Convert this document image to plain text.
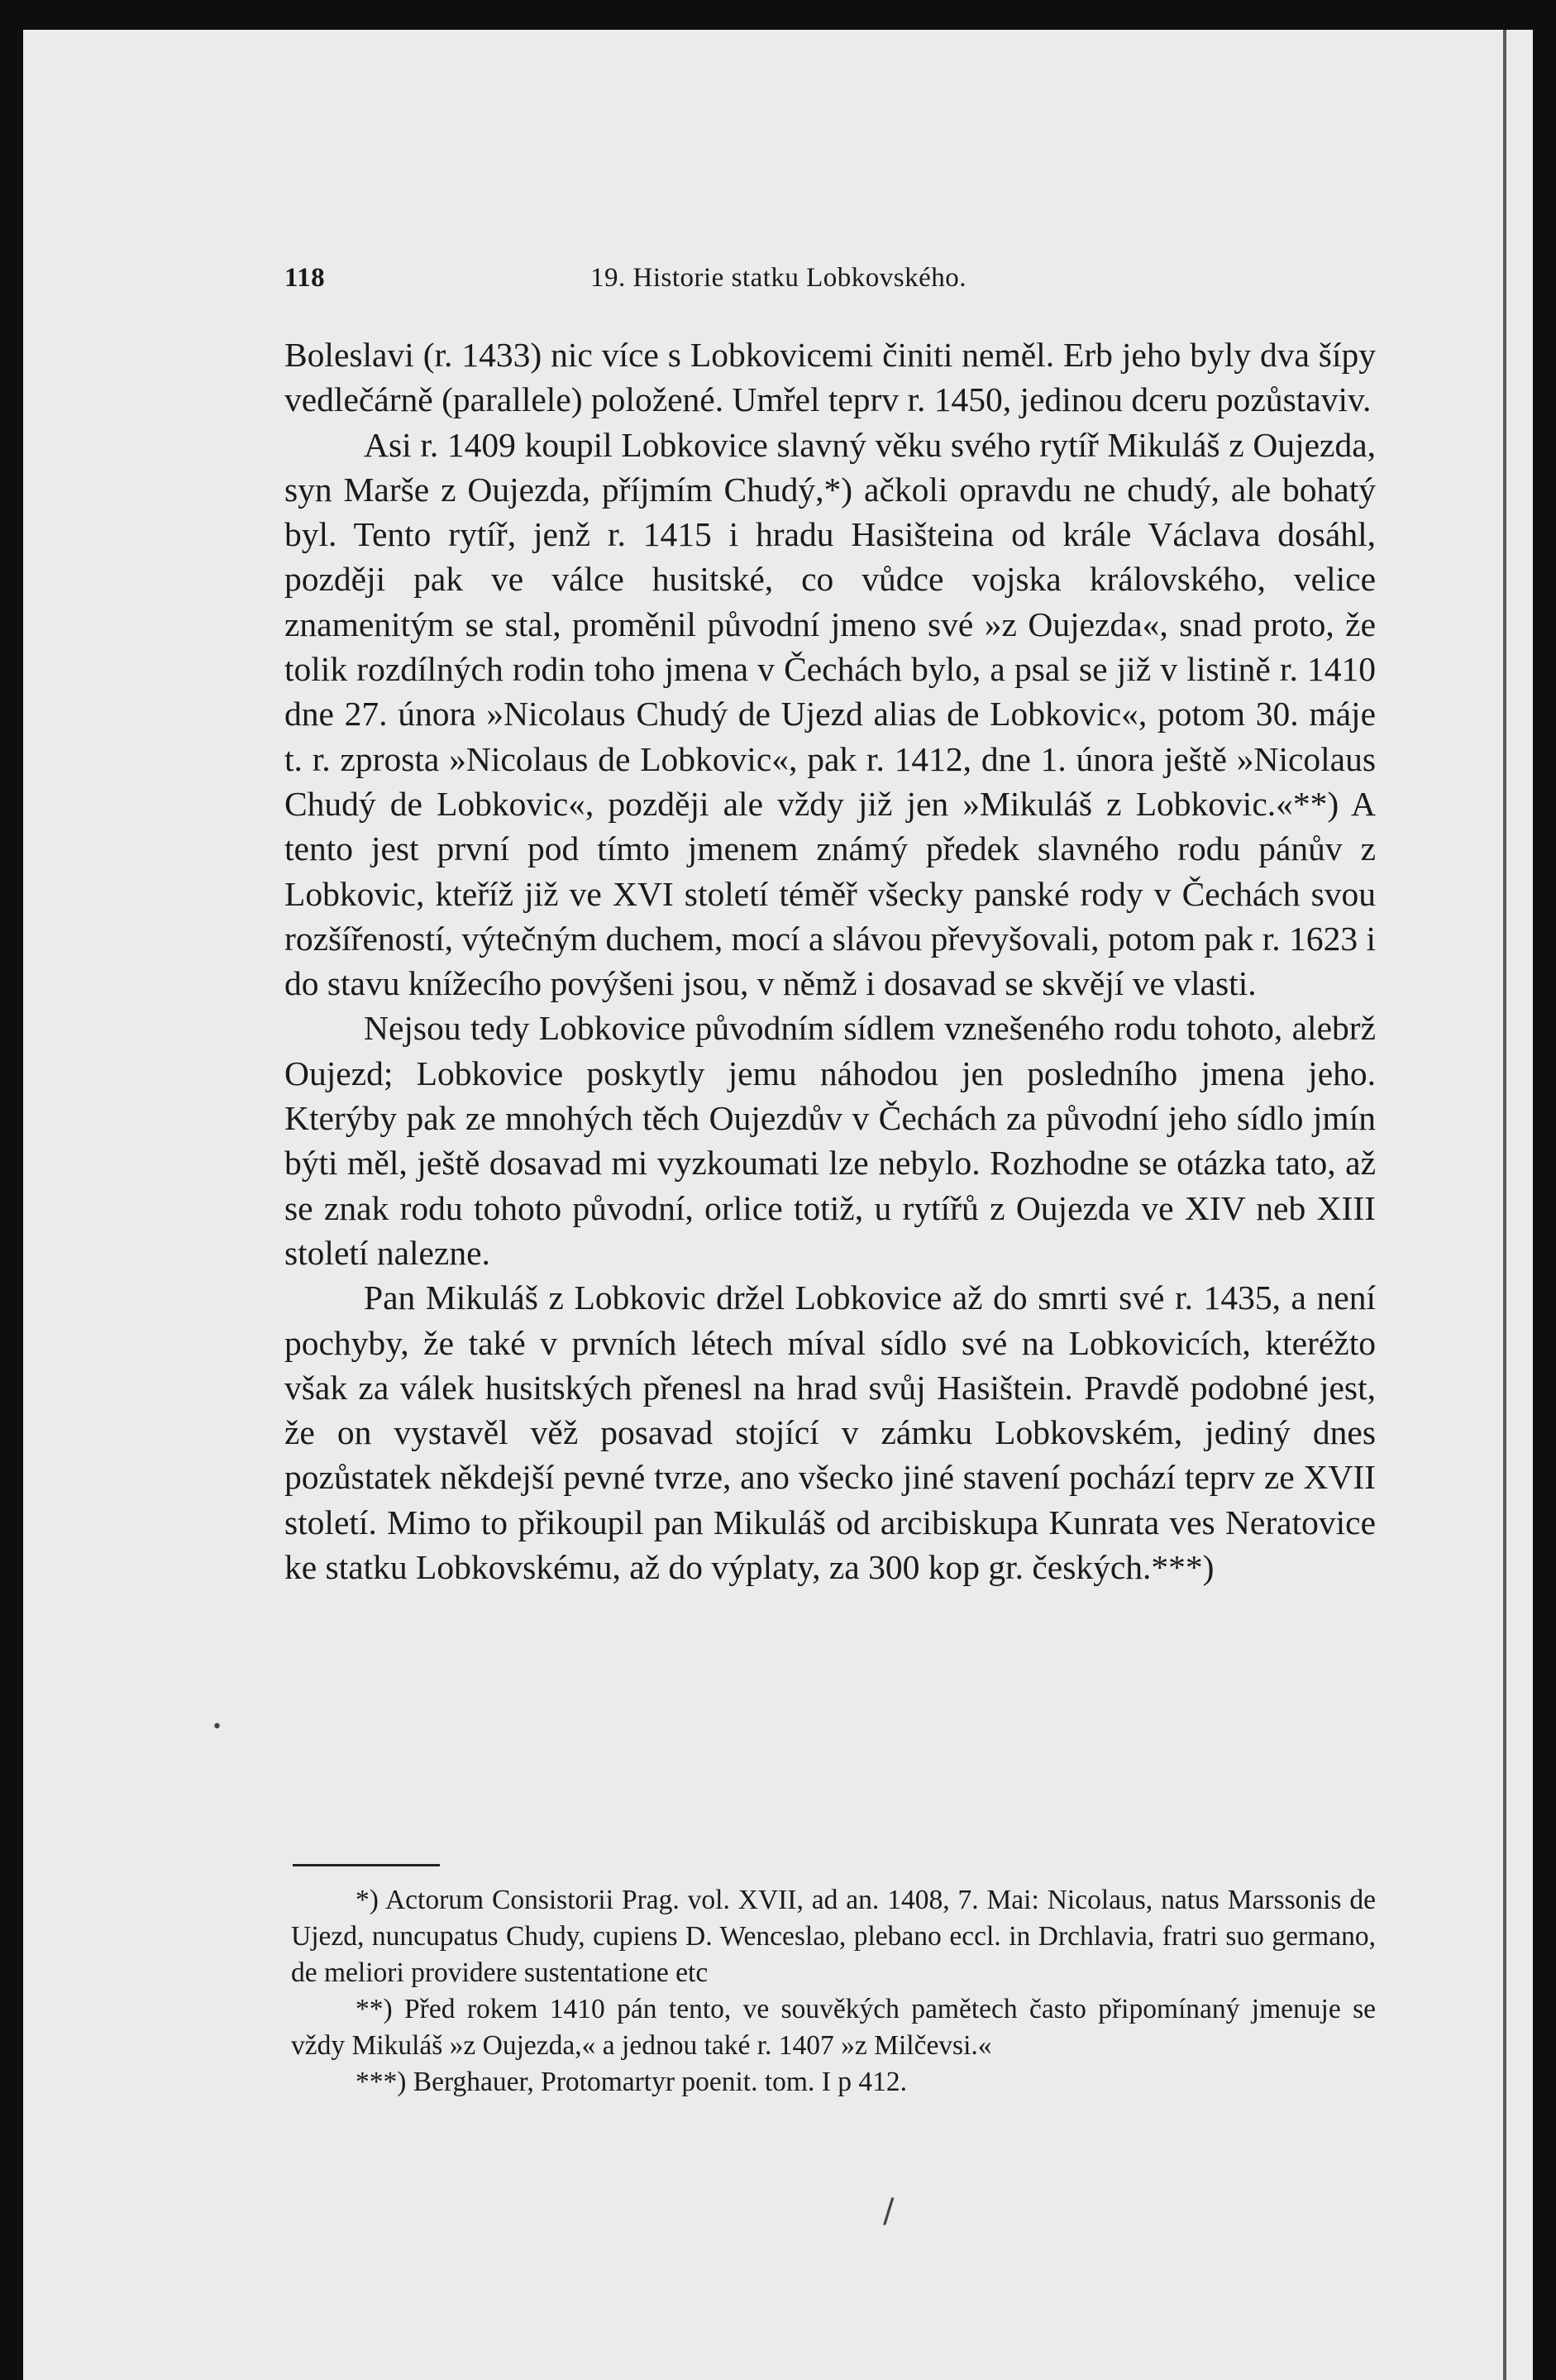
118	19. Historie statku Lobkovského.

Boleslavi (r. 1433) nic více s Lobkovicemi činiti neměl. Erb jeho byly dva šípy vedlečárně (parallele) položené. Umřel teprv r. 1450, jedinou dceru pozůstaviv.

Asi r. 1409 koupil Lobkovice slavný věku svého rytíř Mikuláš z Oujezda, syn Marše z Oujezda, příjmím Chudý,*) ačkoli opravdu ne chudý, ale bohatý byl. Tento rytíř, jenž r. 1415 i hradu Hasišteina od krále Václava dosáhl, později pak ve válce husitské, co vůdce vojska královského, velice znamenitým se stal, proměnil původní jmeno své »z Oujezda«, snad proto, že tolik rozdílných rodin toho jmena v Čechách bylo, a psal se již v listině r. 1410 dne 27. února »Nicolaus Chudý de Ujezd alias de Lobkovic«, potom 30. máje t. r. zprosta »Nicolaus de Lobkovic«, pak r. 1412, dne 1. února ještě »Nicolaus Chudý de Lobkovic«, později ale vždy již jen »Mikuláš z Lobkovic.«**) A tento jest první pod tímto jmenem známý předek slavného rodu pánův z Lobkovic, kteříž již ve XVI století téměř všecky panské rody v Čechách svou rozšířeností, výtečným duchem, mocí a slávou převyšovali, potom pak r. 1623 i do stavu knížecího povýšeni jsou, v němž i dosavad se skvějí ve vlasti.

Nejsou tedy Lobkovice původním sídlem vznešeného rodu tohoto, alebrž Oujezd; Lobkovice poskytly jemu náhodou jen posledního jmena jeho. Kterýby pak ze mnohých těch Oujezdův v Čechách za původní jeho sídlo jmín býti měl, ještě dosavad mi vyzkoumati lze nebylo. Rozhodne se otázka tato, až se znak rodu tohoto původní, orlice totiž, u rytířů z Oujezda ve XIV neb XIII století nalezne.

Pan Mikuláš z Lobkovic držel Lobkovice až do smrti své r. 1435, a není pochyby, že také v prvních létech míval sídlo své na Lobkovicích, kteréžto však za válek husitských přenesl na hrad svůj Hasištein. Pravdě podobné jest, že on vystavěl věž posavad stojící v zámku Lobkovském, jediný dnes pozůstatek někdejší pevné tvrze, ano všecko jiné stavení pochází teprv ze XVII století. Mimo to přikoupil pan Mikuláš od arcibiskupa Kunrata ves Neratovice ke statku Lobkovskému, až do výplaty, za 300 kop gr. českých.***)

*) Actorum Consistorii Prag. vol. XVII, ad an. 1408, 7. Mai: Nicolaus, natus Marssonis de Ujezd, nuncupatus Chudy, cupiens D. Wenceslao, plebano eccl. in Drchlavia, fratri suo germano, de meliori providere sustentatione etc

**) Před rokem 1410 pán tento, ve souvěkých pamětech často připomínaný jmenuje se vždy Mikuláš »z Oujezda,« a jednou také r. 1407 »z Milčevsi.«

***) Berghauer, Protomartyr poenit. tom. I p 412.

/
•
